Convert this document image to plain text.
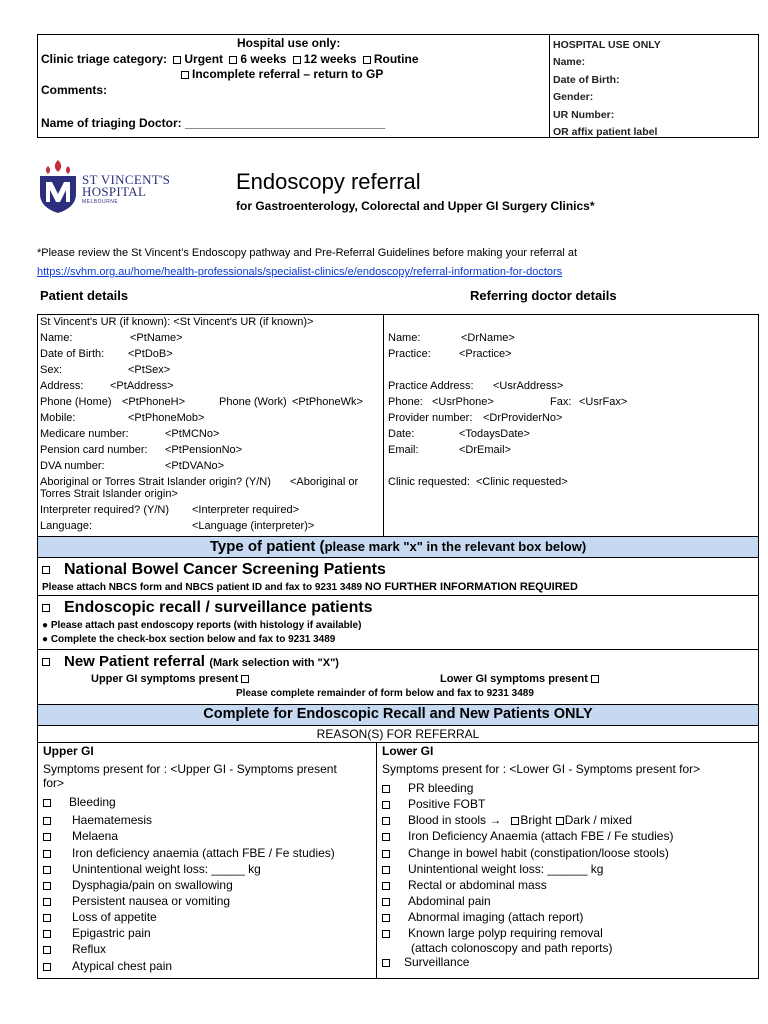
Hospital use only:
Clinic triage category: Urgent 6 weeks 12 weeks Routine
Incomplete referral – return to GP
Comments:
Name of triaging Doctor: ______________________________
HOSPITAL USE ONLY
Name:
Date of Birth:
Gender:
UR Number:
OR affix patient label
ST VINCENT'S
HOSPITAL
MELBOURNE
Endoscopy referral
for Gastroenterology, Colorectal and Upper GI Surgery Clinics*
*Please review the St Vincent’s Endoscopy pathway and Pre-Referral Guidelines before making your referral at
https://svhm.org.au/home/health-professionals/specialist-clinics/e/endoscopy/referral-information-for-doctors
Patient details	Referring doctor details
St Vincent's UR (if known): <St Vincent's UR (if known)>
Name:	<PtName>
Date of Birth: <PtDoB>
Sex:	<PtSex>
Address: <PtAddress>
Phone (Home) <PtPhoneH>	Phone (Work) <PtPhoneWk>
Mobile:	<PtPhoneMob>
Medicare number:	<PtMCNo>
Pension card number: <PtPensionNo>
DVA number:	<PtDVANo>
Aboriginal or Torres Strait Islander origin? (Y/N) <Aboriginal or
Torres Strait Islander origin>
Interpreter required? (Y/N) <Interpreter required>
Language:	<Language (interpreter)>
Name:	<DrName>
Practice:	<Practice>
Practice Address: <UsrAddress>
Phone: <UsrPhone>	Fax: <UsrFax>
Provider number: <DrProviderNo>
Date:	<TodaysDate>
Email:	<DrEmail>
Clinic requested: <Clinic requested>
Type of patient (please mark "x" in the relevant box below)
National Bowel Cancer Screening Patients
Please attach NBCS form and NBCS patient ID and fax to 9231 3489 NO FURTHER INFORMATION REQUIRED
Endoscopic recall / surveillance patients
● Please attach past endoscopy reports (with histology if available)
● Complete the check-box section below and fax to 9231 3489
New Patient referral (Mark selection with "X")
Upper GI symptoms present	Lower GI symptoms present
Please complete remainder of form below and fax to 9231 3489
Complete for Endoscopic Recall and New Patients ONLY
REASON(S) FOR REFERRAL
Upper GI
Symptoms present for : <Upper GI - Symptoms present
for>
Bleeding
Haematemesis
Melaena
Iron deficiency anaemia (attach FBE / Fe studies)
Unintentional weight loss: _____ kg
Dysphagia/pain on swallowing
Persistent nausea or vomiting
Loss of appetite
Epigastric pain
Reflux
Atypical chest pain
Lower GI
Symptoms present for : <Lower GI - Symptoms present for>
PR bleeding
Positive FOBT
Blood in stools → Bright Dark / mixed
Iron Deficiency Anaemia (attach FBE / Fe studies)
Change in bowel habit (constipation/loose stools)
Unintentional weight loss: ______ kg
Rectal or abdominal mass
Abdominal pain
Abnormal imaging (attach report)
Known large polyp requiring removal
(attach colonoscopy and path reports)
Surveillance
